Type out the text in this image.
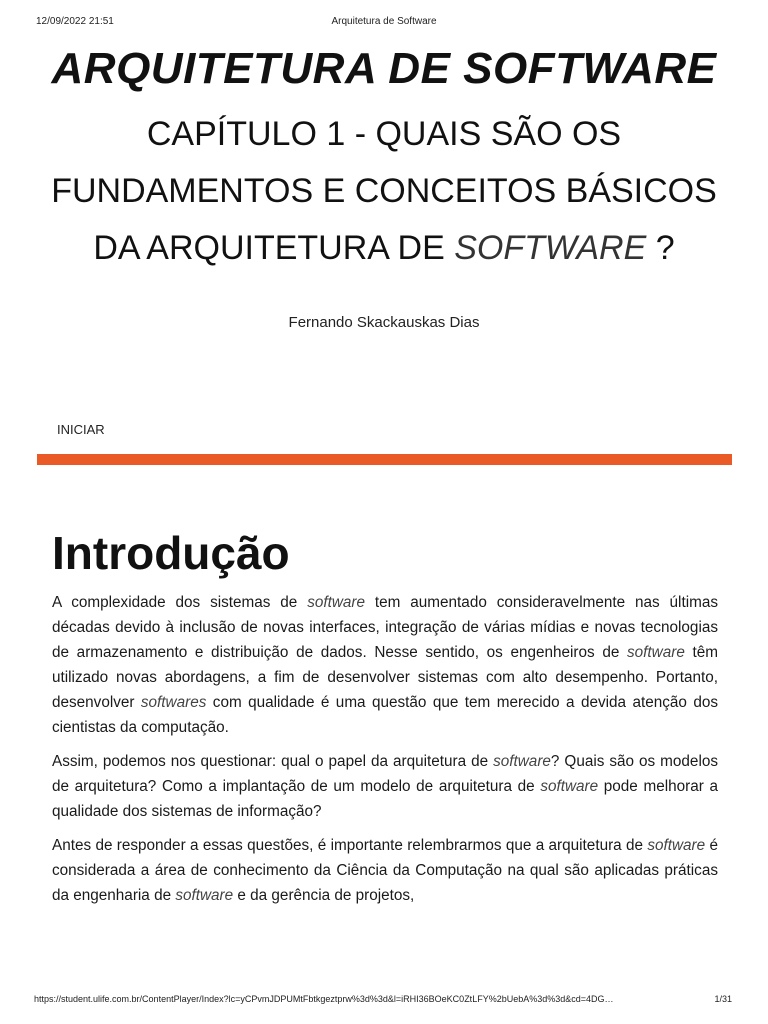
12/09/2022 21:51	Arquitetura de Software
ARQUITETURA DE SOFTWARE
CAPÍTULO 1 - QUAIS SÃO OS
FUNDAMENTOS E CONCEITOS BÁSICOS
DA ARQUITETURA DE SOFTWARE ?
Fernando Skackauskas Dias
INICIAR
Introdução

A complexidade dos sistemas de software tem aumentado consideravelmente nas últimas décadas devido à inclusão de novas interfaces, integração de várias mídias e novas tecnologias de armazenamento e distribuição de dados. Nesse sentido, os engenheiros de software têm utilizado novas abordagens, a fim de desenvolver sistemas com alto desempenho. Portanto, desenvolver softwares com qualidade é uma questão que tem merecido a devida atenção dos cientistas da computação.

Assim, podemos nos questionar: qual o papel da arquitetura de software? Quais são os modelos de arquitetura? Como a implantação de um modelo de arquitetura de software pode melhorar a qualidade dos sistemas de informação?

Antes de responder a essas questões, é importante relembrarmos que a arquitetura de software é considerada a área de conhecimento da Ciência da Computação na qual são aplicadas práticas da engenharia de software e da gerência de projetos,

https://student.ulife.com.br/ContentPlayer/Index?lc=yCPvmJDPUMtFbtkgeztprw%3d%3d&l=iRHI36BOeKC0ZtLFY%2bUebA%3d%3d&cd=4DG…	1/31
